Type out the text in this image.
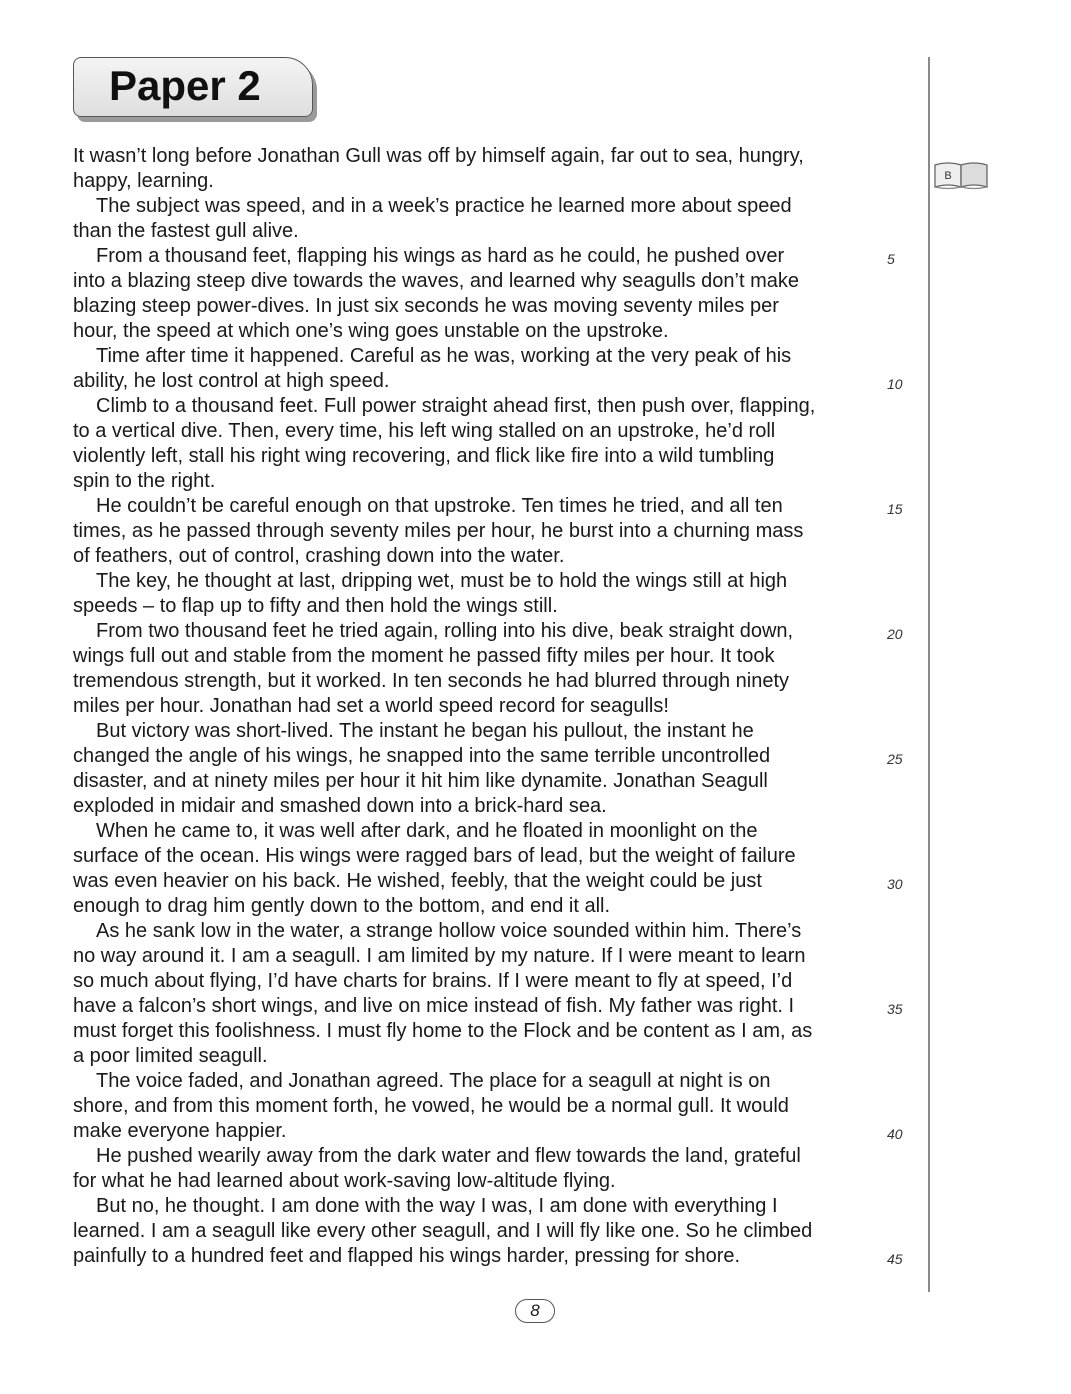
Paper 2
B
It wasn’t long before Jonathan Gull was off by himself again, far out to sea, hungry,
happy, learning.
The subject was speed, and in a week’s practice he learned more about speed
than the fastest gull alive.
From a thousand feet, flapping his wings as hard as he could, he pushed over	5
into a blazing steep dive towards the waves, and learned why seagulls don’t make
blazing steep power-dives. In just six seconds he was moving seventy miles per
hour, the speed at which one’s wing goes unstable on the upstroke.
Time after time it happened. Careful as he was, working at the very peak of his
ability, he lost control at high speed.	10
Climb to a thousand feet. Full power straight ahead first, then push over, flapping,
to a vertical dive. Then, every time, his left wing stalled on an upstroke, he’d roll
violently left, stall his right wing recovering, and flick like fire into a wild tumbling
spin to the right.
He couldn’t be careful enough on that upstroke. Ten times he tried, and all ten	15
times, as he passed through seventy miles per hour, he burst into a churning mass
of feathers, out of control, crashing down into the water.
The key, he thought at last, dripping wet, must be to hold the wings still at high
speeds – to flap up to fifty and then hold the wings still.
From two thousand feet he tried again, rolling into his dive, beak straight down,	20
wings full out and stable from the moment he passed fifty miles per hour. It took
tremendous strength, but it worked. In ten seconds he had blurred through ninety
miles per hour. Jonathan had set a world speed record for seagulls!
But victory was short-lived. The instant he began his pullout, the instant he
changed the angle of his wings, he snapped into the same terrible uncontrolled	25
disaster, and at ninety miles per hour it hit him like dynamite. Jonathan Seagull
exploded in midair and smashed down into a brick-hard sea.
When he came to, it was well after dark, and he floated in moonlight on the
surface of the ocean. His wings were ragged bars of lead, but the weight of failure
was even heavier on his back. He wished, feebly, that the weight could be just	30
enough to drag him gently down to the bottom, and end it all.
As he sank low in the water, a strange hollow voice sounded within him. There’s
no way around it. I am a seagull. I am limited by my nature. If I were meant to learn
so much about flying, I’d have charts for brains. If I were meant to fly at speed, I’d
have a falcon’s short wings, and live on mice instead of fish. My father was right. I	35
must forget this foolishness. I must fly home to the Flock and be content as I am, as
a poor limited seagull.
The voice faded, and Jonathan agreed. The place for a seagull at night is on
shore, and from this moment forth, he vowed, he would be a normal gull. It would
make everyone happier.	40
He pushed wearily away from the dark water and flew towards the land, grateful
for what he had learned about work-saving low-altitude flying.
But no, he thought. I am done with the way I was, I am done with everything I
learned. I am a seagull like every other seagull, and I will fly like one. So he climbed
painfully to a hundred feet and flapped his wings harder, pressing for shore.	45
8
